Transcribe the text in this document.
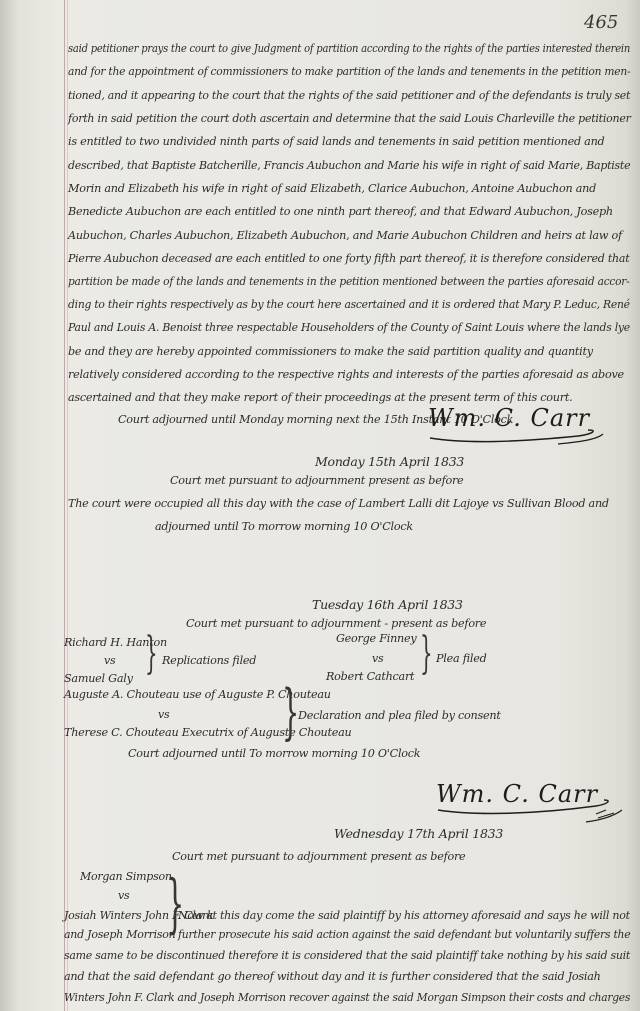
465
said petitioner prays the court to give Judgment of partition according to the rights of the parties interested therein
and for the appointment of commissioners to make partition of the lands and tenements in the petition men-
tioned, and it appearing to the court that the rights of the said petitioner and of the defendants is truly set
forth in said petition the court doth ascertain and determine that the said Louis Charleville the petitioner
is entitled to two undivided ninth parts of said lands and tenements in said petition mentioned and
described, that Baptiste Batcherille, Francis Aubuchon and Marie his wife in right of said Marie, Baptiste
Morin and Elizabeth his wife in right of said Elizabeth, Clarice Aubuchon, Antoine Aubuchon and
Benedicte Aubuchon are each entitled to one ninth part thereof, and that Edward Aubuchon, Joseph
Aubuchon, Charles Aubuchon, Elizabeth Aubuchon, and Marie Aubuchon Children and heirs at law of
Pierre Aubuchon deceased are each entitled to one forty fifth part thereof, it is therefore considered that
partition be made of the lands and tenements in the petition mentioned between the parties aforesaid accor-
ding to their rights respectively as by the court here ascertained and it is ordered that Mary P. Leduc, René
Paul and Louis A. Benoist three respectable Householders of the County of Saint Louis where the lands lye
be and they are hereby appointed commissioners to make the said partition quality and quantity
relatively considered according to the respective rights and interests of the parties aforesaid as above
ascertained and that they make report of their proceedings at the present term of this court.
Court adjourned until Monday morning next the 15th Instant 10 O'Clock
Wm. C. Carr
Monday 15th April 1833
Court met pursuant to adjournment present as before
The court were occupied all this day with the case of Lambert Lalli dit Lajoye vs Sullivan Blood and
adjourned until To morrow morning 10 O'Clock
Tuesday 16th April 1833
Court met pursuant to adjournment - present as before
Richard H. Hanton
vs
Samuel Galy } Replications filed
George Finney
vs
Robert Cathcart } Plea filed
Auguste A. Chouteau use of Auguste P. Chouteau
vs
Therese C. Chouteau Executrix of Auguste Chouteau
}
Declaration and plea filed by consent
Court adjourned until To morrow morning 10 O'Clock
Wm. C. Carr
Wednesday 17th April 1833
Court met pursuant to adjournment present as before
Morgan Simpson
vs
Josiah Winters John F. Clark
and Joseph Morrison
}
Now at this day come the said plaintiff by his attorney aforesaid and says he will not
further prosecute his said action against the said defendant but voluntarily suffers the
same same to be discontinued therefore it is considered that the said plaintiff take nothing by his said suit
and that the said defendant go thereof without day and it is further considered that the said Josiah
Winters John F. Clark and Joseph Morrison recover against the said Morgan Simpson their costs and charges
